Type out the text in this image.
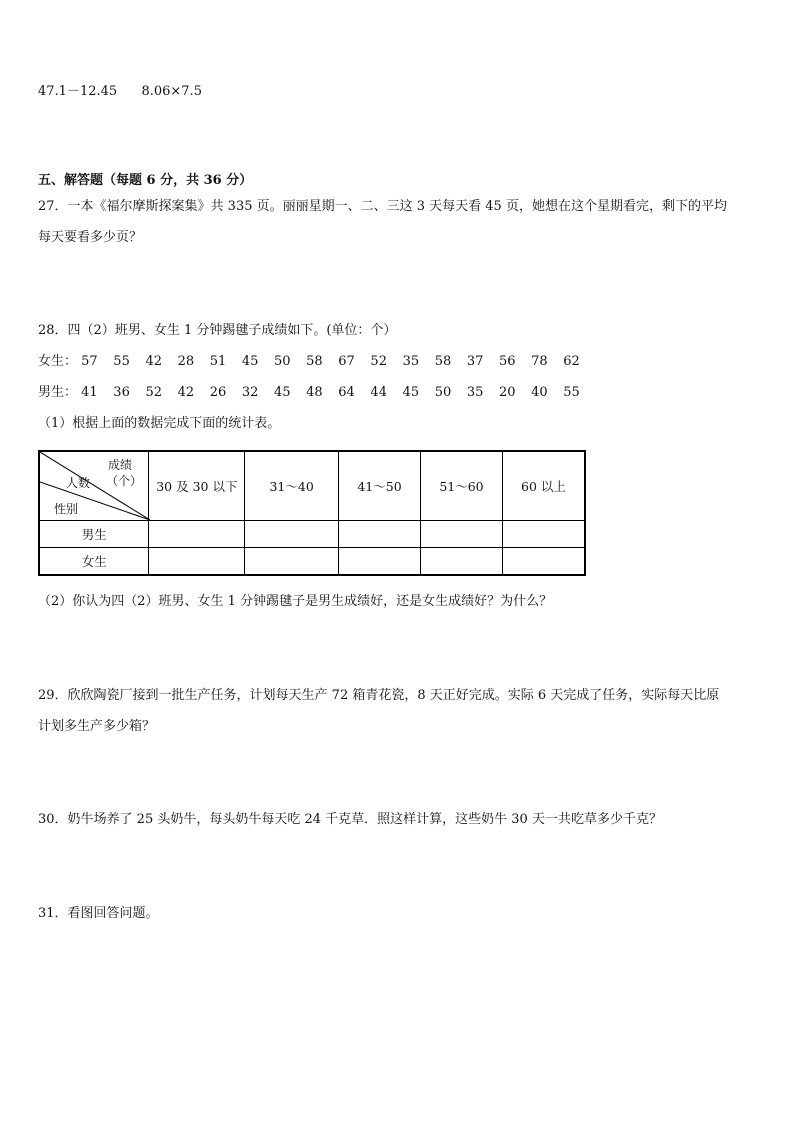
47.1－12.45 8.06×7.5
五、解答题（每题 6 分，共 36 分）
27．一本《福尔摩斯探案集》共 335 页。丽丽星期一、二、三这 3 天每天看 45 页，她想在这个星期看完，剩下的平均
每天要看多少页？
28．四（2）班男、女生 1 分钟踢毽子成绩如下。(单位：个）
女生： 57 55 42 28 51 45 50 58 67 52 35 58 37 56 78 62
男生： 41 36 52 42 26 32 45 48 64 44 45 50 35 20 40 55
（1）根据上面的数据完成下面的统计表。
成绩
（个）
人数
性别	30 及 30 以下	31～40	41～50	51～60	60 以上
男生					
女生					
（2）你认为四（2）班男、女生 1 分钟踢毽子是男生成绩好，还是女生成绩好？为什么？
29．欣欣陶瓷厂接到一批生产任务，计划每天生产 72 箱青花瓷，8 天正好完成。实际 6 天完成了任务，实际每天比原
计划多生产多少箱？
30．奶牛场养了 25 头奶牛，每头奶牛每天吃 24 千克草．照这样计算，这些奶牛 30 天一共吃草多少千克？
31．看图回答问题。
